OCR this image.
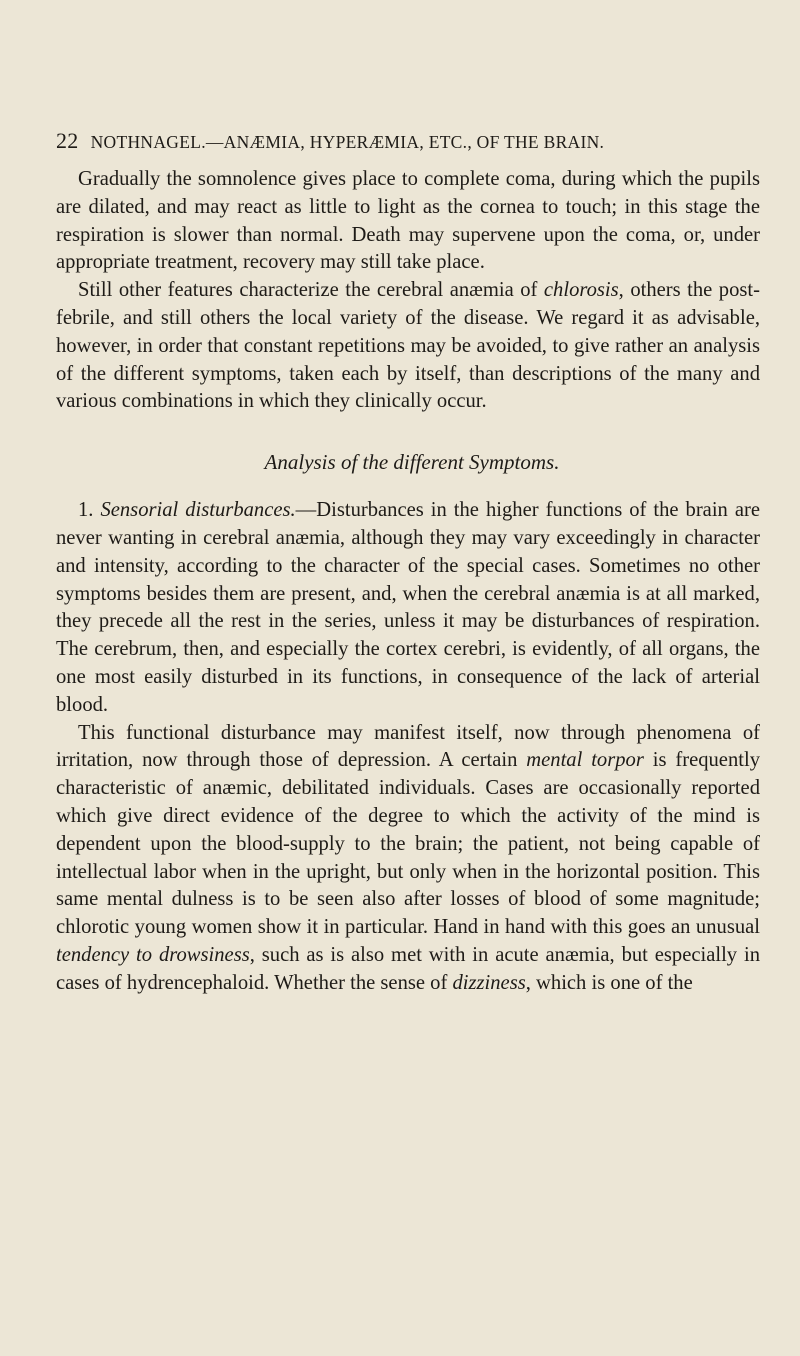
22 NOTHNAGEL.—ANÆMIA, HYPERÆMIA, ETC., OF THE BRAIN.

Gradually the somnolence gives place to complete coma, during which the pupils are dilated, and may react as little to light as the cornea to touch; in this stage the respiration is slower than normal. Death may supervene upon the coma, or, under appropriate treatment, recovery may still take place.

Still other features characterize the cerebral anæmia of chlorosis, others the post-febrile, and still others the local variety of the disease. We regard it as advisable, however, in order that constant repetitions may be avoided, to give rather an analysis of the different symptoms, taken each by itself, than descriptions of the many and various combinations in which they clinically occur.

Analysis of the different Symptoms.

1. Sensorial disturbances.—Disturbances in the higher functions of the brain are never wanting in cerebral anæmia, although they may vary exceedingly in character and intensity, according to the character of the special cases. Sometimes no other symptoms besides them are present, and, when the cerebral anæmia is at all marked, they precede all the rest in the series, unless it may be disturbances of respiration. The cerebrum, then, and especially the cortex cerebri, is evidently, of all organs, the one most easily disturbed in its functions, in consequence of the lack of arterial blood.

This functional disturbance may manifest itself, now through phenomena of irritation, now through those of depression. A certain mental torpor is frequently characteristic of anæmic, debilitated individuals. Cases are occasionally reported which give direct evidence of the degree to which the activity of the mind is dependent upon the blood-supply to the brain; the patient, not being capable of intellectual labor when in the upright, but only when in the horizontal position. This same mental dulness is to be seen also after losses of blood of some magnitude; chlorotic young women show it in particular. Hand in hand with this goes an unusual tendency to drowsiness, such as is also met with in acute anæmia, but especially in cases of hydrencephaloid. Whether the sense of dizziness, which is one of the
